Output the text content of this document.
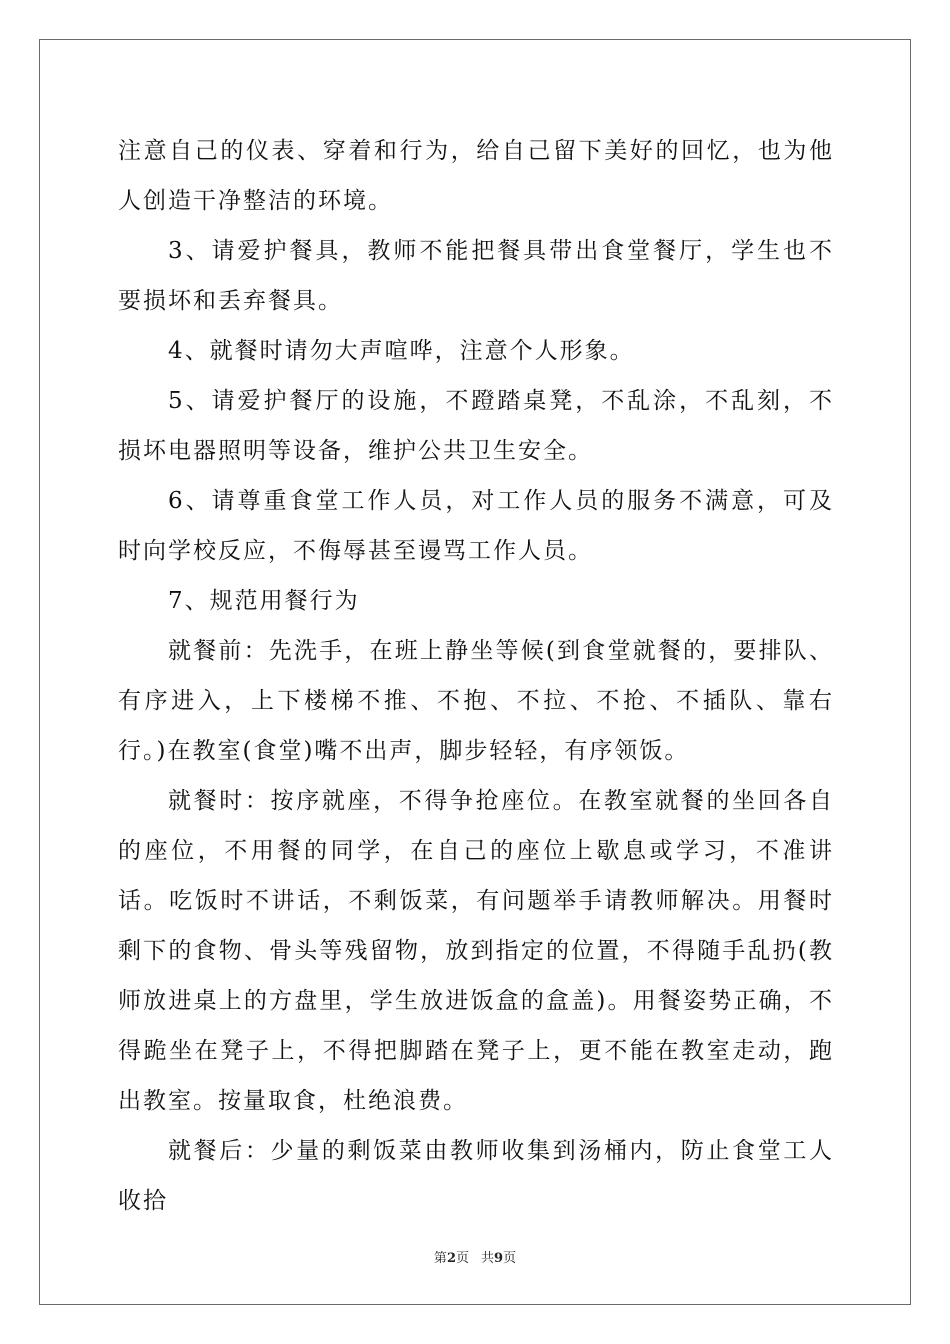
注意自己的仪表、穿着和行为，给自己留下美好的回忆，也为他人创造干净整洁的环境。

3、请爱护餐具，教师不能把餐具带出食堂餐厅，学生也不要损坏和丢弃餐具。

4、就餐时请勿大声喧哗，注意个人形象。

5、请爱护餐厅的设施，不蹬踏桌凳，不乱涂，不乱刻，不损坏电器照明等设备，维护公共卫生安全。

6、请尊重食堂工作人员，对工作人员的服务不满意，可及时向学校反应，不侮辱甚至谩骂工作人员。

7、规范用餐行为

就餐前：先洗手，在班上静坐等候(到食堂就餐的，要排队、有序进入，上下楼梯不推、不抱、不拉、不抢、不插队、靠右行。)在教室(食堂)嘴不出声，脚步轻轻，有序领饭。

就餐时：按序就座，不得争抢座位。在教室就餐的坐回各自的座位，不用餐的同学，在自己的座位上歇息或学习，不准讲话。吃饭时不讲话，不剩饭菜，有问题举手请教师解决。用餐时剩下的食物、骨头等残留物，放到指定的位置，不得随手乱扔(教师放进桌上的方盘里，学生放进饭盒的盒盖)。用餐姿势正确，不得跪坐在凳子上，不得把脚踏在凳子上，更不能在教室走动，跑出教室。按量取食，杜绝浪费。

就餐后：少量的剩饭菜由教师收集到汤桶内，防止食堂工人收拾

第2页 共9页
